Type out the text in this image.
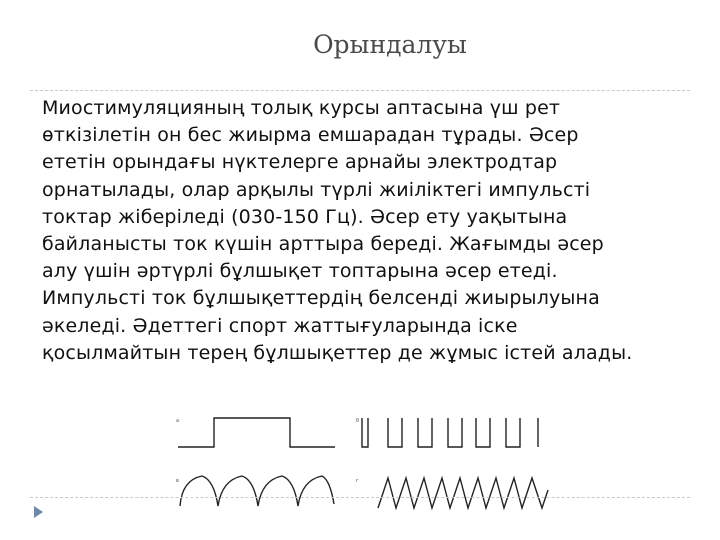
Орындалуы
Миостимуляцияның толық курсы аптасына үш рет
өткізілетін он бес жиырма емшарадан тұрады. Әсер
ететін орындағы нүктелерге арнайы электродтар
орнатылады, олар арқылы түрлі жиіліктегі импульсті
токтар жіберіледі (030-150 Гц). Әсер ету уақытына
байланысты ток күшін арттыра береді. Жағымды әсер
алу үшін әртүрлі бұлшықет топтарына әсер етеді.
Импульсті ток бұлшықеттердің белсенді жиырылуына
әкеледі. Әдеттегі спорт жаттығуларында іске
қосылмайтын терең бұлшықеттер де жұмыс істей алады.
a	б
в	г
